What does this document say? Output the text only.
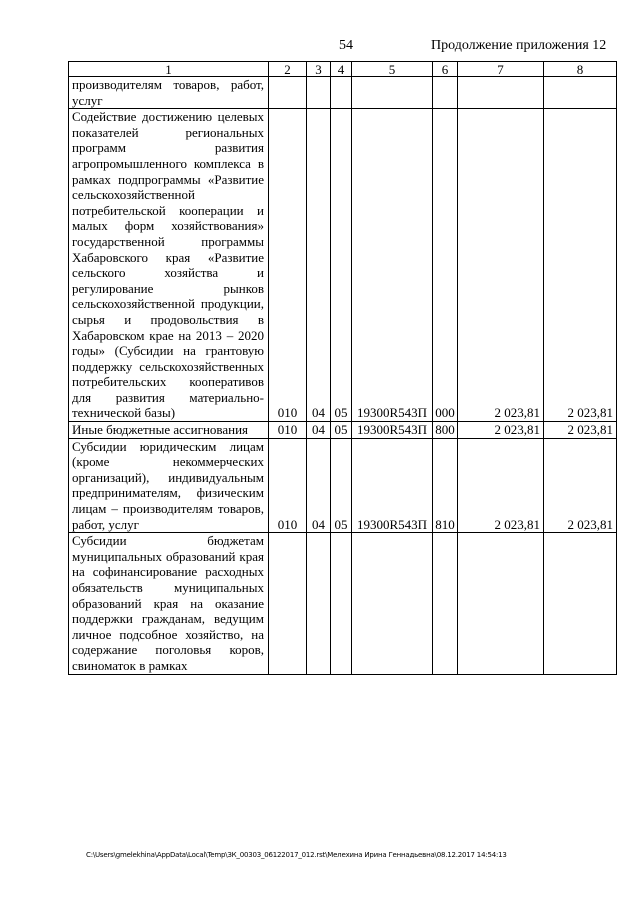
54	Продолжение приложения 12
1	2	3	4	5	6	7	8
производителям товаров, работ, услуг							
Содействие достижению целевых показателей региональных программ развития агропромышленного комплекса в рамках подпрограммы «Развитие сельскохозяйственной потребительской кооперации и малых форм хозяйствования» государственной программы Хабаровского края «Развитие сельского хозяйства и регулирование рынков сельскохозяйственной продукции, сырья и продовольствия в Хабаровском крае на 2013 – 2020 годы» (Субсидии на грантовую поддержку сельскохозяйственных потребительских кооперативов для развития материально-технической базы)	010	04	05	19300R543П	000	2 023,81	2 023,81
Иные бюджетные ассигнования	010	04	05	19300R543П	800	2 023,81	2 023,81
Субсидии юридическим лицам (кроме некоммерческих организаций), индивидуальным предпринимателям, физическим лицам – производителям товаров, работ, услуг	010	04	05	19300R543П	810	2 023,81	2 023,81
Субсидии бюджетам муниципальных образований края на софинансирование расходных обязательств муниципальных образований края на оказание поддержки гражданам, ведущим личное подсобное хозяйство, на содержание поголовья коров, свиноматок в рамках							
C:\Users\gmelekhina\AppData\Local\Temp\ЗК_00303_06122017_012.rst\Мелехина Ирина Геннадьевна\08.12.2017 14:54:13
